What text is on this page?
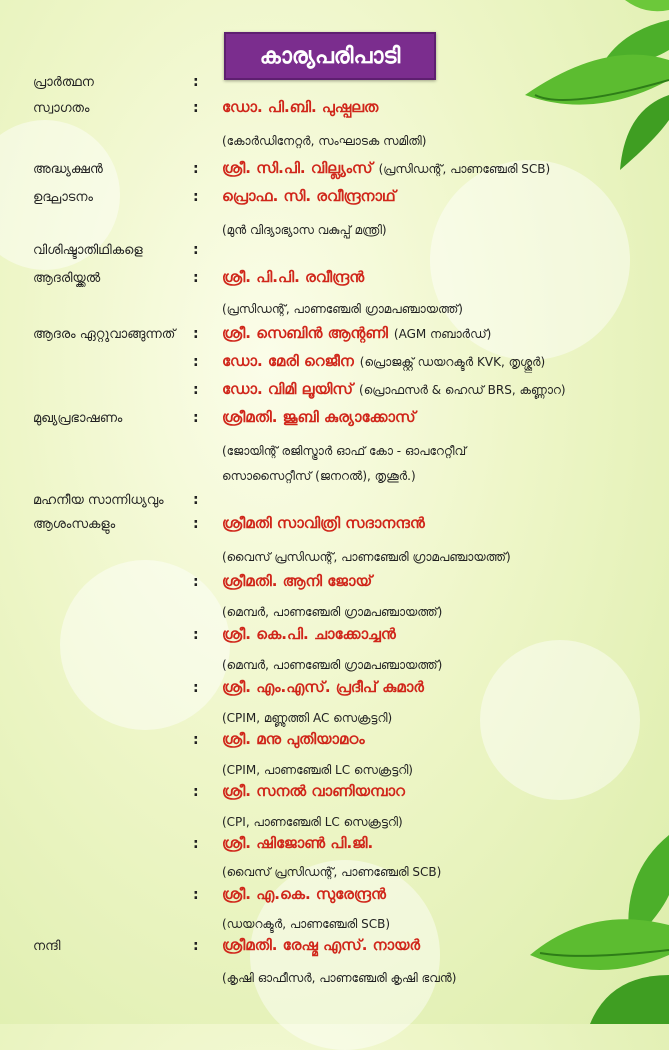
കാര്യപരിപാടി
പ്രാർത്ഥന	:
സ്വാഗതം	: ഡോ. പി.ബി. പുഷ്പലത
(കോർഡിനേറ്റർ, സംഘാടക സമിതി)
അദ്ധ്യക്ഷൻ	: ശ്രീ. സി.പി. വില്ല്യംസ് (പ്രസിഡന്റ്, പാണഞ്ചേരി SCB)
ഉദ്ഘാടനം	: പ്രൊഫ. സി. രവീന്ദ്രനാഥ്
(മുൻ വിദ്യാഭ്യാസ വകുപ്പ് മന്ത്രി)
വിശിഷ്ടാതിഥികളെ	:
ആദരിയ്ക്കൽ	: ശ്രീ. പി.പി. രവീന്ദ്രൻ
(പ്രസിഡന്റ്, പാണഞ്ചേരി ഗ്രാമപഞ്ചായത്ത്)
ആദരം ഏറ്റുവാങ്ങുന്നത് : ശ്രീ. സെബിൻ ആന്റണി (AGM നബാർഡ്)
: ഡോ. മേരി റെജീന (പ്രൊജക്റ്റ് ഡയറക്ടർ KVK, തൃശ്ശൂർ)
: ഡോ. വിമി ലൂയിസ് (പ്രൊഫസർ & ഹെഡ് BRS, കണ്ണാറ)
മുഖ്യപ്രഭാഷണം	: ശ്രീമതി. ജൂബി കുര്യാക്കോസ്
(ജോയിന്റ് രജിസ്ട്രാർ ഓഫ് കോ - ഓപറേറ്റീവ്
സൊസൈറ്റീസ് (ജനറൽ), തൃശൂർ.)
മഹനീയ സാന്നിധ്യവും :
ആശംസകളും	: ശ്രീമതി സാവിത്രി സദാനന്ദൻ
(വൈസ് പ്രസിഡന്റ്, പാണഞ്ചേരി ഗ്രാമപഞ്ചായത്ത്)
: ശ്രീമതി. ആനി ജോയ്
(മെമ്പർ, പാണഞ്ചേരി ഗ്രാമപഞ്ചായത്ത്)
: ശ്രീ. കെ.പി. ചാക്കോച്ചൻ
(മെമ്പർ, പാണഞ്ചേരി ഗ്രാമപഞ്ചായത്ത്)
: ശ്രീ. എം.എസ്. പ്രദീപ് കുമാർ
(CPIM, മണ്ണുത്തി AC സെക്രട്ടറി)
: ശ്രീ. മനു പുതിയാമഠം
(CPIM, പാണഞ്ചേരി LC സെക്രട്ടറി)
: ശ്രീ. സനൽ വാണിയമ്പാറ
(CPI, പാണഞ്ചേരി LC സെക്രട്ടറി)
: ശ്രീ. ഷിജോൺ പി.ജി.
(വൈസ് പ്രസിഡന്റ്, പാണഞ്ചേരി SCB)
: ശ്രീ. എ.കെ. സുരേന്ദ്രൻ
(ഡയറക്ടർ, പാണഞ്ചേരി SCB)
നന്ദി	: ശ്രീമതി. രേഷ്മ എസ്. നായർ
(കൃഷി ഓഫീസർ, പാണഞ്ചേരി കൃഷി ഭവൻ)
